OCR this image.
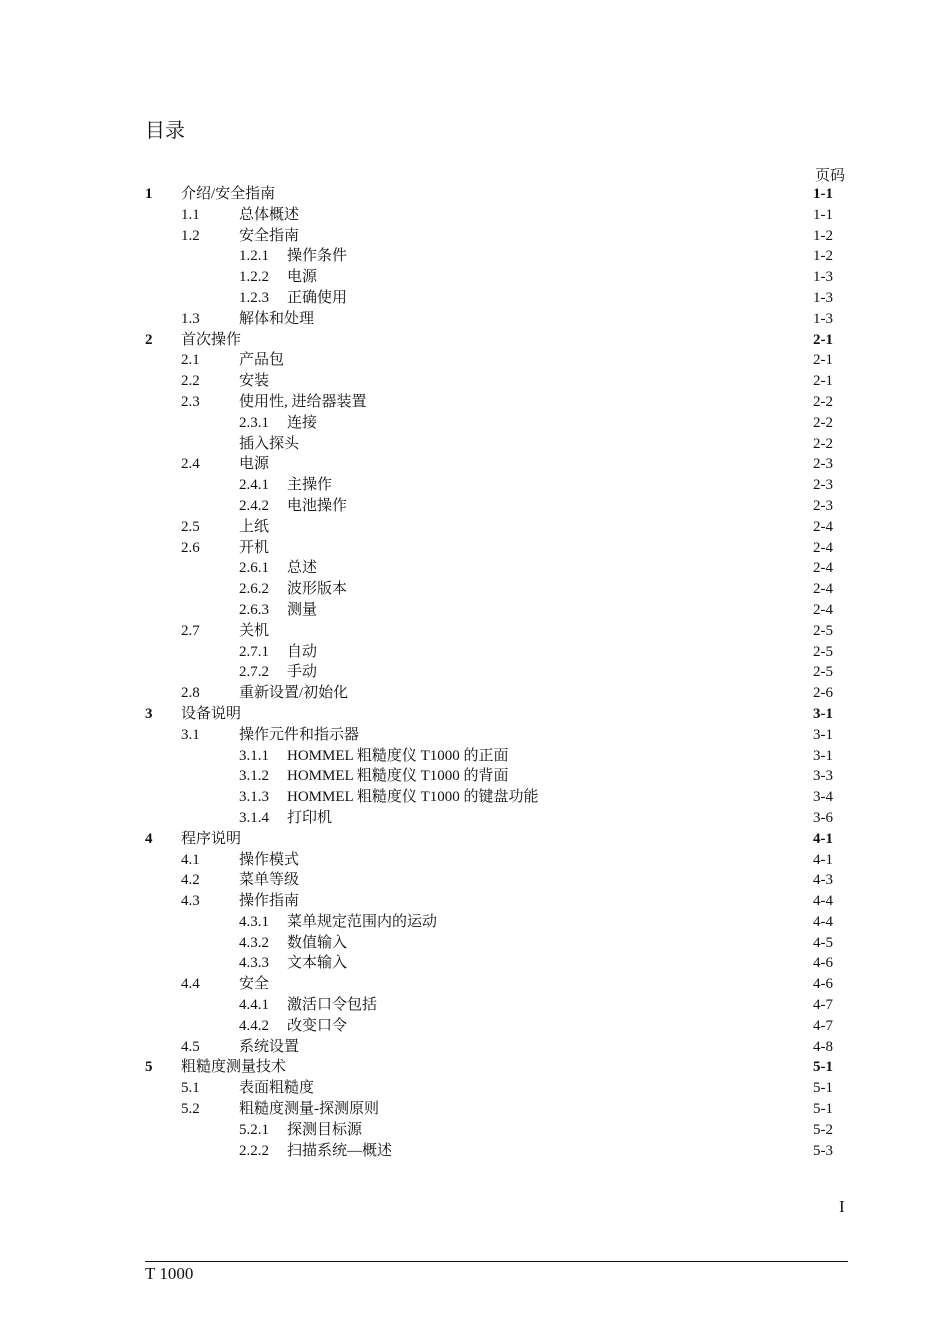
目录
页码
1 介绍/安全指南	1-1
1.1	总体概述	1-1
1.2	安全指南	1-2
1.2.1 操作条件	1-2
1.2.2 电源	1-3
1.2.3 正确使用	1-3
1.3	解体和处理	1-3
2 首次操作	2-1
2.1	产品包	2-1
2.2	安装	2-1
2.3	使用性, 进给器装置	2-2
2.3.1 连接	2-2
插入探头	2-2
2.4	电源	2-3
2.4.1 主操作	2-3
2.4.2 电池操作	2-3
2.5	上纸	2-4
2.6	开机	2-4
2.6.1 总述	2-4
2.6.2 波形版本	2-4
2.6.3 测量	2-4
2.7	关机	2-5
2.7.1 自动	2-5
2.7.2 手动	2-5
2.8	重新设置/初始化	2-6
3 设备说明	3-1
3.1	操作元件和指示器	3-1
3.1.1 HOMMEL 粗糙度仪 T1000 的正面	3-1
3.1.2 HOMMEL 粗糙度仪 T1000 的背面	3-3
3.1.3 HOMMEL 粗糙度仪 T1000 的键盘功能	3-4
3.1.4 打印机	3-6
4 程序说明	4-1
4.1	操作模式	4-1
4.2	菜单等级	4-3
4.3	操作指南	4-4
4.3.1 菜单规定范围内的运动	4-4
4.3.2 数值输入	4-5
4.3.3 文本输入	4-6
4.4	安全	4-6
4.4.1 激活口令包括	4-7
4.4.2 改变口令	4-7
4.5	系统设置	4-8
5 粗糙度测量技术	5-1
5.1	表面粗糙度	5-1
5.2	粗糙度测量-探测原则	5-1
5.2.1 探测目标源	5-2
2.2.2 扫描系统—概述	5-3
I
T 1000
